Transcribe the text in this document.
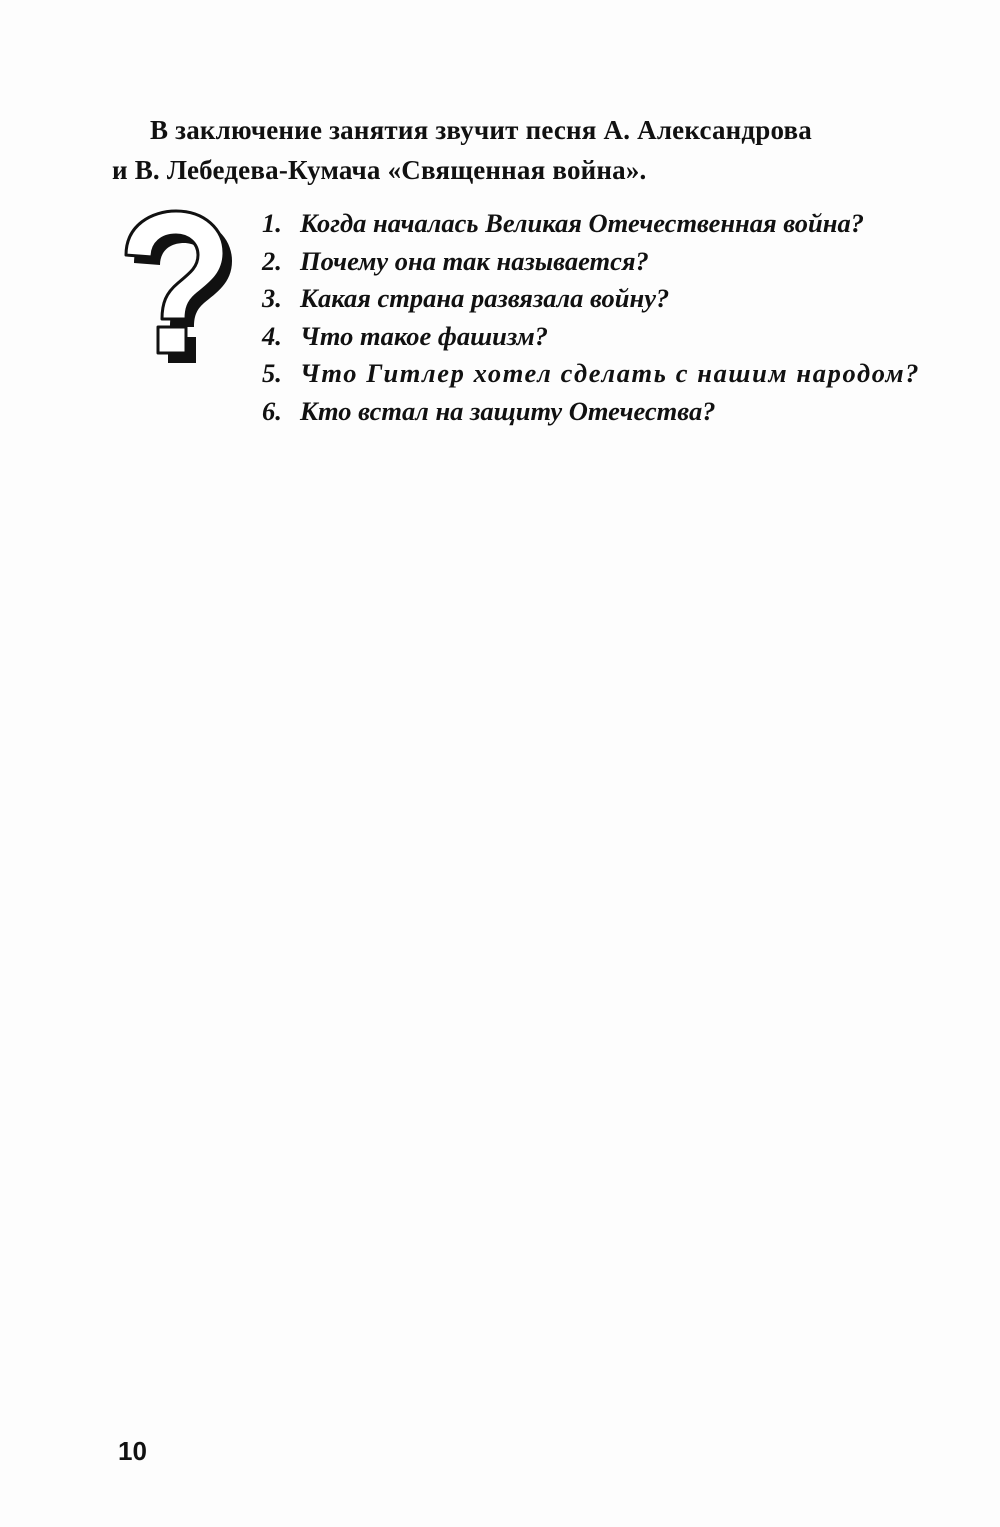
В заключение занятия звучит песня А. Александрова
и В. Лебедева-Кумача «Священная война».
1. Когда началась Великая Отечественная война?
2. Почему она так называется?
3. Какая страна развязала войну?
4. Что такое фашизм?
5. Что Гитлер хотел сделать с нашим народом?
6. Кто встал на защиту Отечества?
10
